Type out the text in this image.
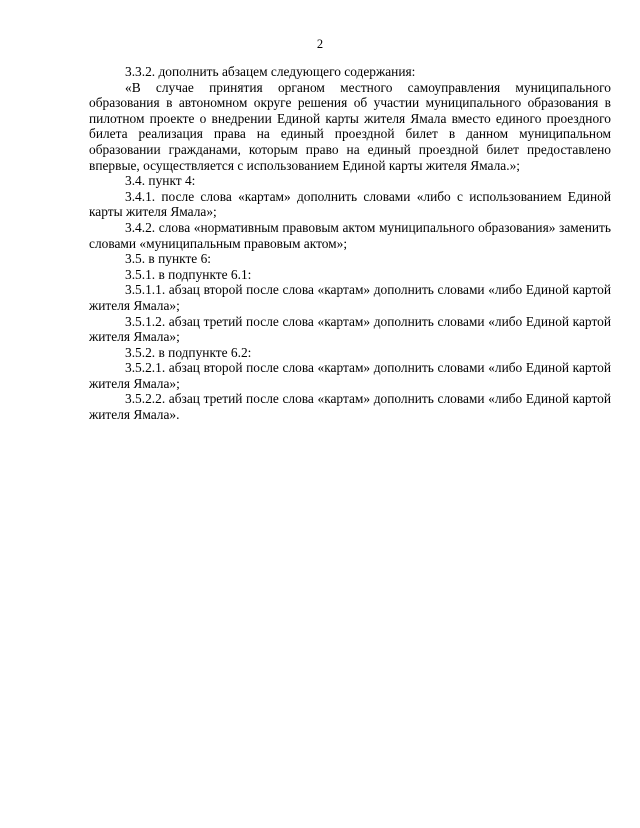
2

3.3.2. дополнить абзацем следующего содержания:

«В случае принятия органом местного самоуправления муниципального образования в автономном округе решения об участии муниципального образования в пилотном проекте о внедрении Единой карты жителя Ямала вместо единого проездного билета реализация права на единый проездной билет в данном муниципальном образовании гражданами, которым право на единый проездной билет предоставлено впервые, осуществляется с использованием Единой карты жителя Ямала.»;

3.4. пункт 4:

3.4.1. после слова «картам» дополнить словами «либо с использованием Единой карты жителя Ямала»;

3.4.2. слова «нормативным правовым актом муниципального образования» заменить словами «муниципальным правовым актом»;

3.5. в пункте 6:

3.5.1. в подпункте 6.1:

3.5.1.1. абзац второй после слова «картам» дополнить словами «либо Единой картой жителя Ямала»;

3.5.1.2. абзац третий после слова «картам» дополнить словами «либо Единой картой жителя Ямала»;

3.5.2. в подпункте 6.2:

3.5.2.1. абзац второй после слова «картам» дополнить словами «либо Единой картой жителя Ямала»;

3.5.2.2. абзац третий после слова «картам» дополнить словами «либо Единой картой жителя Ямала».
